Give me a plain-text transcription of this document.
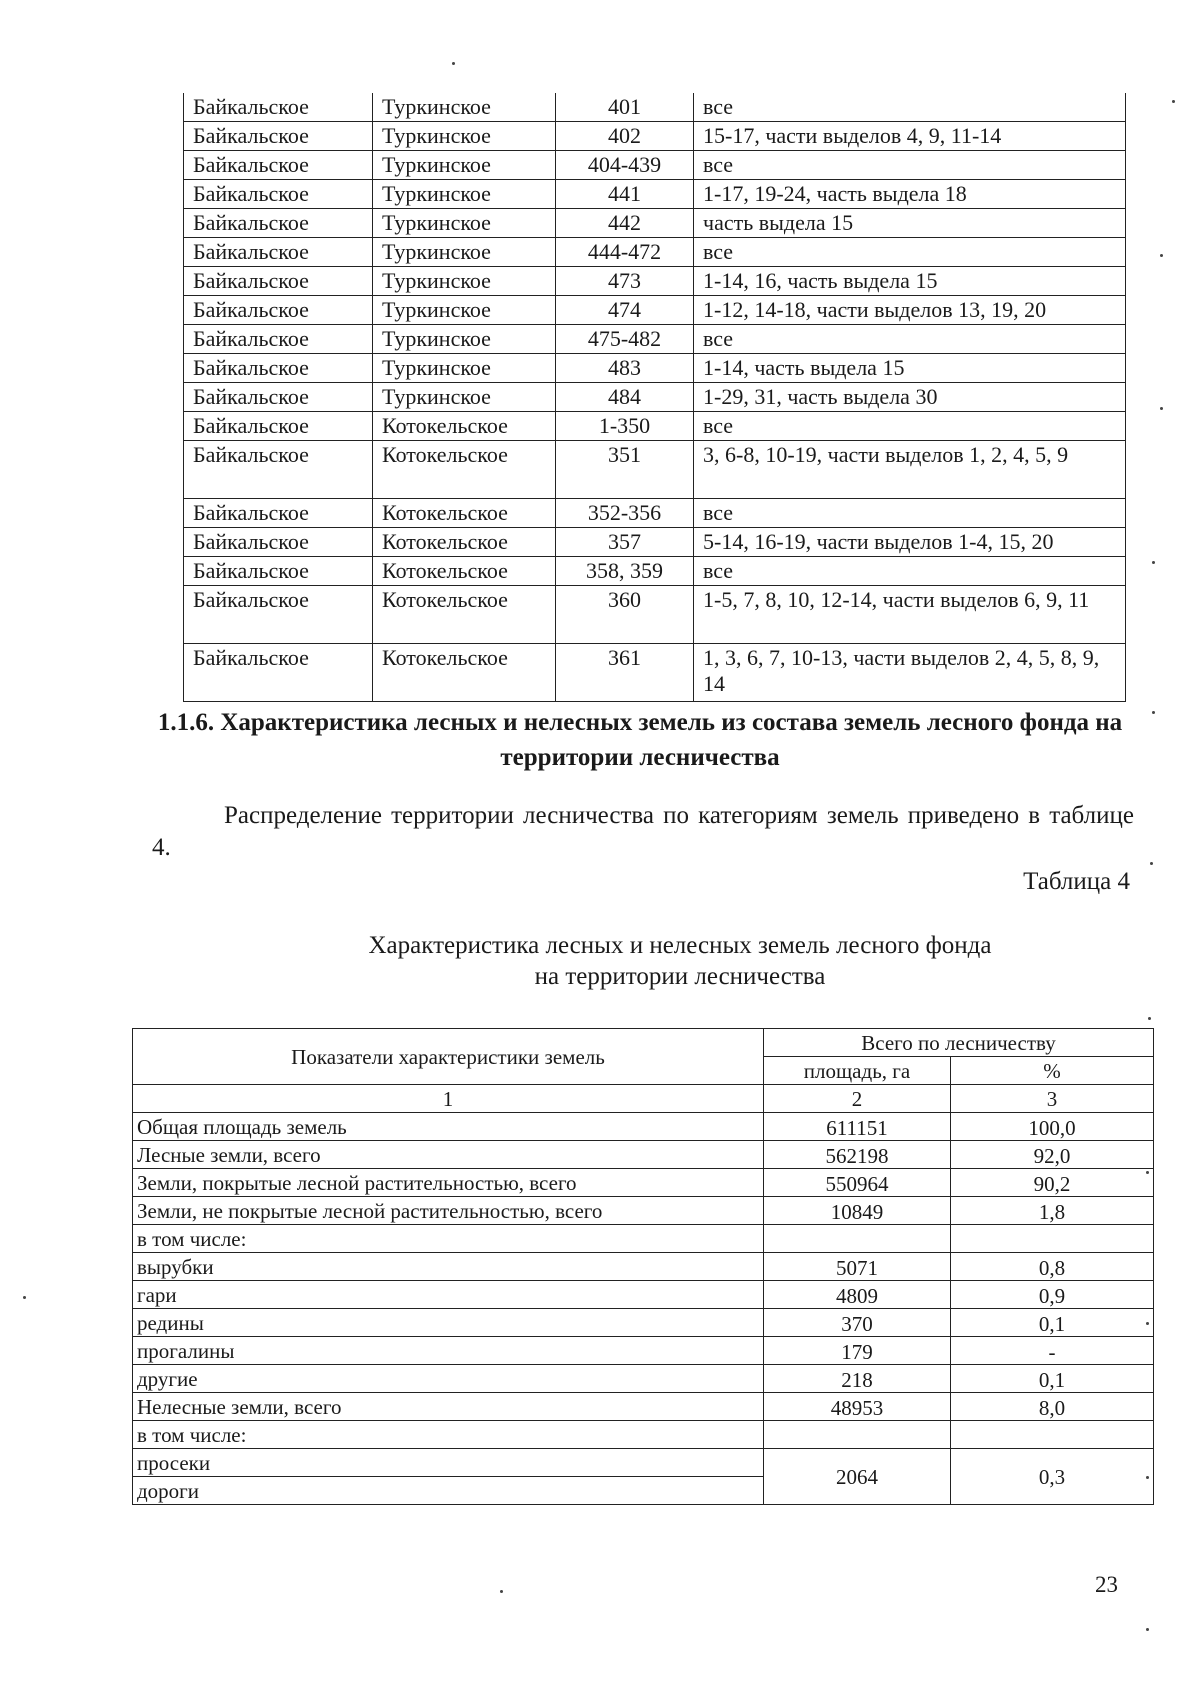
Байкальское	Туркинское	401	все
Байкальское	Туркинское	402	15-17, части выделов 4, 9, 11-14
Байкальское	Туркинское	404-439	все
Байкальское	Туркинское	441	1-17, 19-24, часть выдела 18
Байкальское	Туркинское	442	часть выдела 15
Байкальское	Туркинское	444-472	все
Байкальское	Туркинское	473	1-14, 16, часть выдела 15
Байкальское	Туркинское	474	1-12, 14-18, части выделов 13, 19, 20
Байкальское	Туркинское	475-482	все
Байкальское	Туркинское	483	1-14, часть выдела 15
Байкальское	Туркинское	484	1-29, 31, часть выдела 30
Байкальское	Котокельское	1-350	все
Байкальское	Котокельское	351	3, 6-8, 10-19, части выделов 1, 2, 4, 5, 9
Байкальское	Котокельское	352-356	все
Байкальское	Котокельское	357	5-14, 16-19, части выделов 1-4, 15, 20
Байкальское	Котокельское	358, 359	все
Байкальское	Котокельское	360	1-5, 7, 8, 10, 12-14, части выделов 6, 9, 11
Байкальское	Котокельское	361	1, 3, 6, 7, 10-13, части выделов 2, 4, 5, 8, 9, 14
1.1.6. Характеристика лесных и нелесных земель из состава земель лесного фонда на территории лесничества
Распределение территории лесничества по категориям земель приведено в таблице 4.
Таблица 4
Характеристика лесных и нелесных земель лесного фонда
на территории лесничества
Показатели характеристики земель	Всего по лесничеству	
	площадь, га	%
1	2	3
Общая площадь земель	611151	100,0
Лесные земли, всего	562198	92,0
Земли, покрытые лесной растительностью, всего	550964	90,2
Земли, не покрытые лесной растительностью, всего	10849	1,8
в том числе:		
вырубки	5071	0,8
гари	4809	0,9
редины	370	0,1
прогалины	179	-
другие	218	0,1
Нелесные земли, всего	48953	8,0
в том числе:		
просеки	2064	0,3
дороги		
23
